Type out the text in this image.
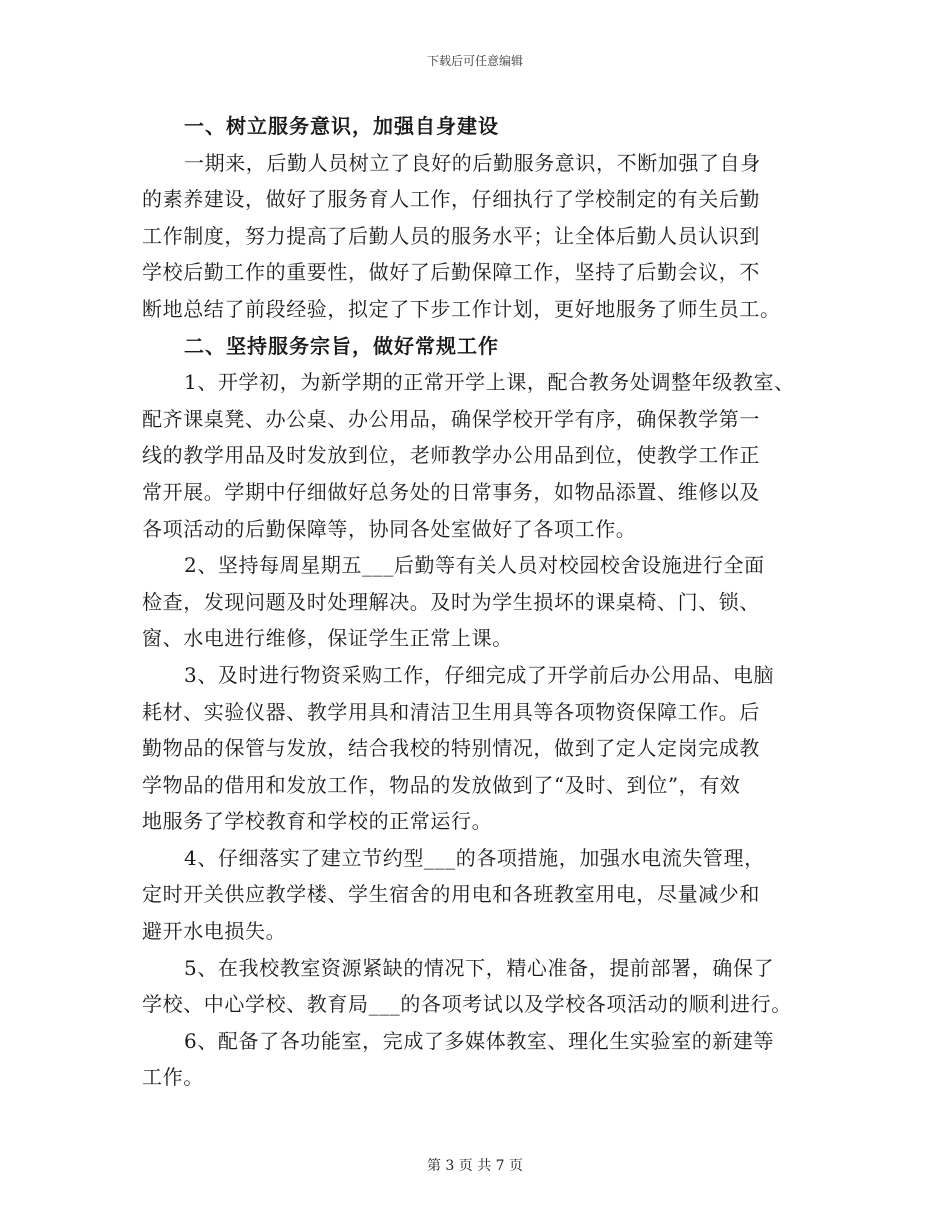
下载后可任意编辑
一、树立服务意识，加强自身建设
一期来，后勤人员树立了良好的后勤服务意识，不断加强了自身
的素养建设，做好了服务育人工作，仔细执行了学校制定的有关后勤
工作制度，努力提高了后勤人员的服务水平；让全体后勤人员认识到
学校后勤工作的重要性，做好了后勤保障工作，坚持了后勤会议，不
断地总结了前段经验，拟定了下步工作计划，更好地服务了师生员工。
二、坚持服务宗旨，做好常规工作
1、开学初，为新学期的正常开学上课，配合教务处调整年级教室、
配齐课桌凳、办公桌、办公用品，确保学校开学有序，确保教学第一
线的教学用品及时发放到位，老师教学办公用品到位，使教学工作正
常开展。学期中仔细做好总务处的日常事务，如物品添置、维修以及
各项活动的后勤保障等，协同各处室做好了各项工作。
2、坚持每周星期五___后勤等有关人员对校园校舍设施进行全面
检查，发现问题及时处理解决。及时为学生损坏的课桌椅、门、锁、
窗、水电进行维修，保证学生正常上课。
3、及时进行物资采购工作，仔细完成了开学前后办公用品、电脑
耗材、实验仪器、教学用具和清洁卫生用具等各项物资保障工作。后
勤物品的保管与发放，结合我校的特别情况，做到了定人定岗完成教
学物品的借用和发放工作，物品的发放做到了“及时、到位”，有效
地服务了学校教育和学校的正常运行。
4、仔细落实了建立节约型___的各项措施，加强水电流失管理，
定时开关供应教学楼、学生宿舍的用电和各班教室用电，尽量减少和
避开水电损失。
5、在我校教室资源紧缺的情况下，精心准备，提前部署，确保了
学校、中心学校、教育局___的各项考试以及学校各项活动的顺利进行。
6、配备了各功能室，完成了多媒体教室、理化生实验室的新建等
工作。
第 3 页 共 7 页
